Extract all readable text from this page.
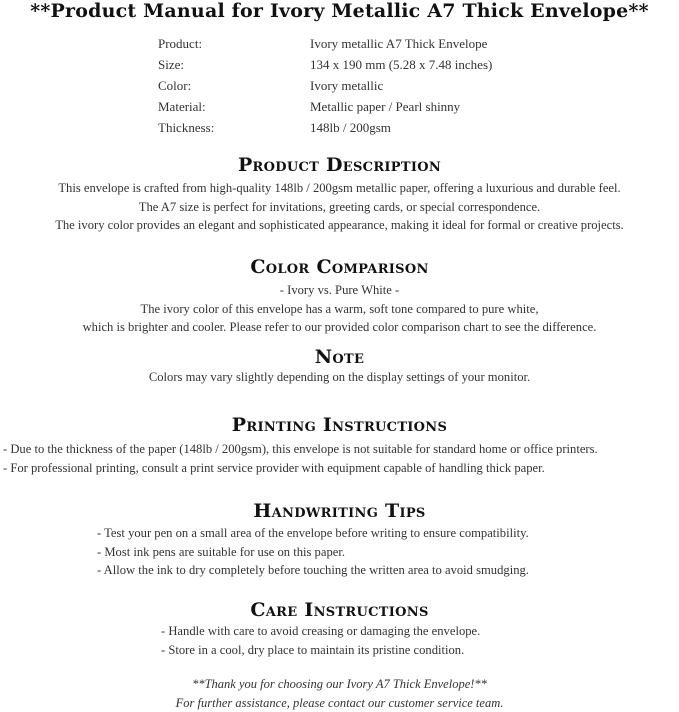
**Product Manual for Ivory Metallic A7 Thick Envelope**
Product:	Ivory metallic A7 Thick Envelope
Size:	134 x 190 mm (5.28 x 7.48 inches)
Color:	Ivory metallic
Material:	Metallic paper / Pearl shinny
Thickness:	148lb / 200gsm
Product Description
This envelope is crafted from high-quality 148lb / 200gsm metallic paper, offering a luxurious and durable feel.
The A7 size is perfect for invitations, greeting cards, or special correspondence.
The ivory color provides an elegant and sophisticated appearance, making it ideal for formal or creative projects.
Color Comparison
- Ivory vs. Pure White -
The ivory color of this envelope has a warm, soft tone compared to pure white,
which is brighter and cooler. Please refer to our provided color comparison chart to see the difference.
Note
Colors may vary slightly depending on the display settings of your monitor.
Printing Instructions
- Due to the thickness of the paper (148lb / 200gsm), this envelope is not suitable for standard home or office printers.
- For professional printing, consult a print service provider with equipment capable of handling thick paper.
Handwriting Tips
- Test your pen on a small area of the envelope before writing to ensure compatibility.
- Most ink pens are suitable for use on this paper.
- Allow the ink to dry completely before touching the written area to avoid smudging.
Care Instructions
- Handle with care to avoid creasing or damaging the envelope.
- Store in a cool, dry place to maintain its pristine condition.
**Thank you for choosing our Ivory A7 Thick Envelope!**
For further assistance, please contact our customer service team.
